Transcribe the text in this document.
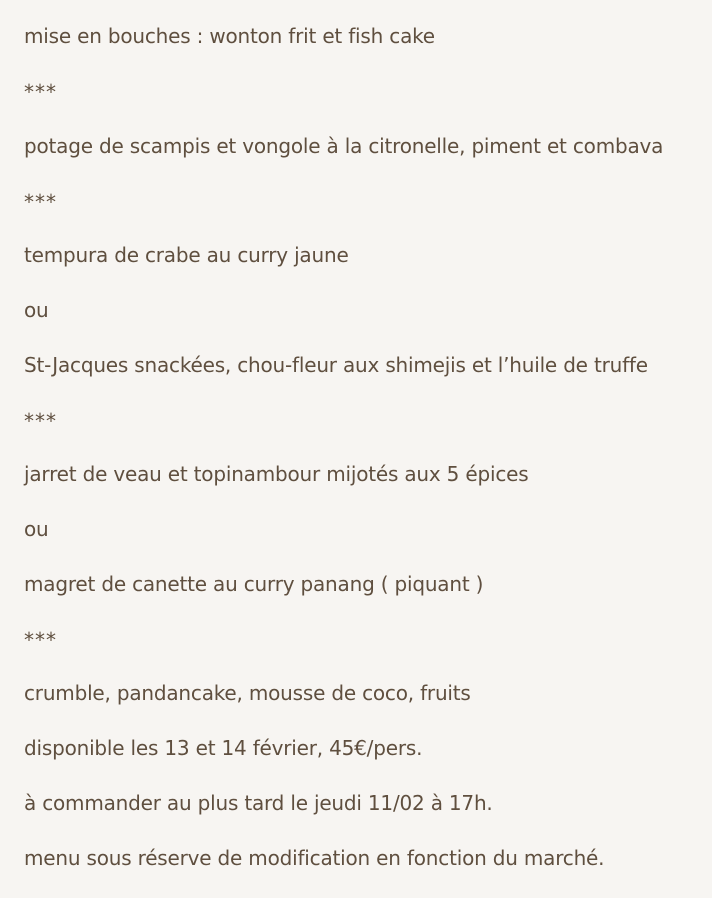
mise en bouches : wonton frit et fish cake
***
potage de scampis et vongole à la citronelle, piment et combava
***
tempura de crabe au curry jaune
ou
St-Jacques snackées, chou-fleur aux shimejis et l’huile de truffe
***
jarret de veau et topinambour mijotés aux 5 épices
ou
magret de canette au curry panang ( piquant )
***
crumble, pandancake, mousse de coco, fruits
disponible les 13 et 14 février, 45€/pers.
à commander au plus tard le jeudi 11/02 à 17h.
menu sous réserve de modification en fonction du marché.
